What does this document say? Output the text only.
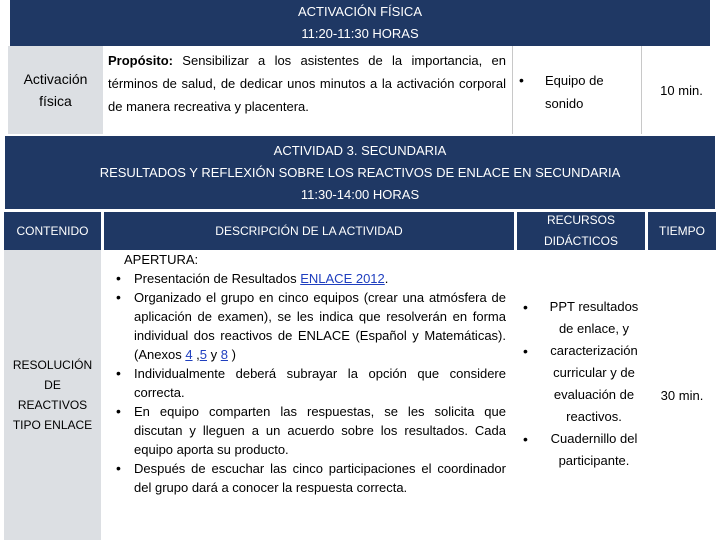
ACTIVACIÓN FÍSICA
11:20-11:30 HORAS
Activación
física
Propósito: Sensibilizar a los asistentes de la importancia, en términos de salud, de dedicar unos minutos a la activación corporal de manera recreativa y placentera.
• Equipo de sonido
10 min.
ACTIVIDAD 3. SECUNDARIA
RESULTADOS Y REFLEXIÓN SOBRE LOS REACTIVOS DE ENLACE EN SECUNDARIA
11:30-14:00 HORAS
CONTENIDO	DESCRIPCIÓN DE LA ACTIVIDAD
RECURSOS DIDÁCTICOS
TIEMPO
RESOLUCIÓN DE REACTIVOS TIPO ENLACE
APERTURA:
• Presentación de Resultados ENLACE 2012.
• Organizado el grupo en cinco equipos (crear una atmósfera de aplicación de examen), se les indica que resolverán en forma individual dos reactivos de ENLACE (Español y Matemáticas). (Anexos 4 ,5 y 8 )
• Individualmente deberá subrayar la opción que considere correcta.
• En equipo comparten las respuestas, se les solicita que discutan y lleguen a un acuerdo sobre los resultados. Cada equipo aporta su producto.
• Después de escuchar las cinco participaciones el coordinador del grupo dará a conocer la respuesta correcta.
• PPT resultados de enlace, y
• caracterización curricular y de evaluación de reactivos.
• Cuadernillo del participante.
30 min.
